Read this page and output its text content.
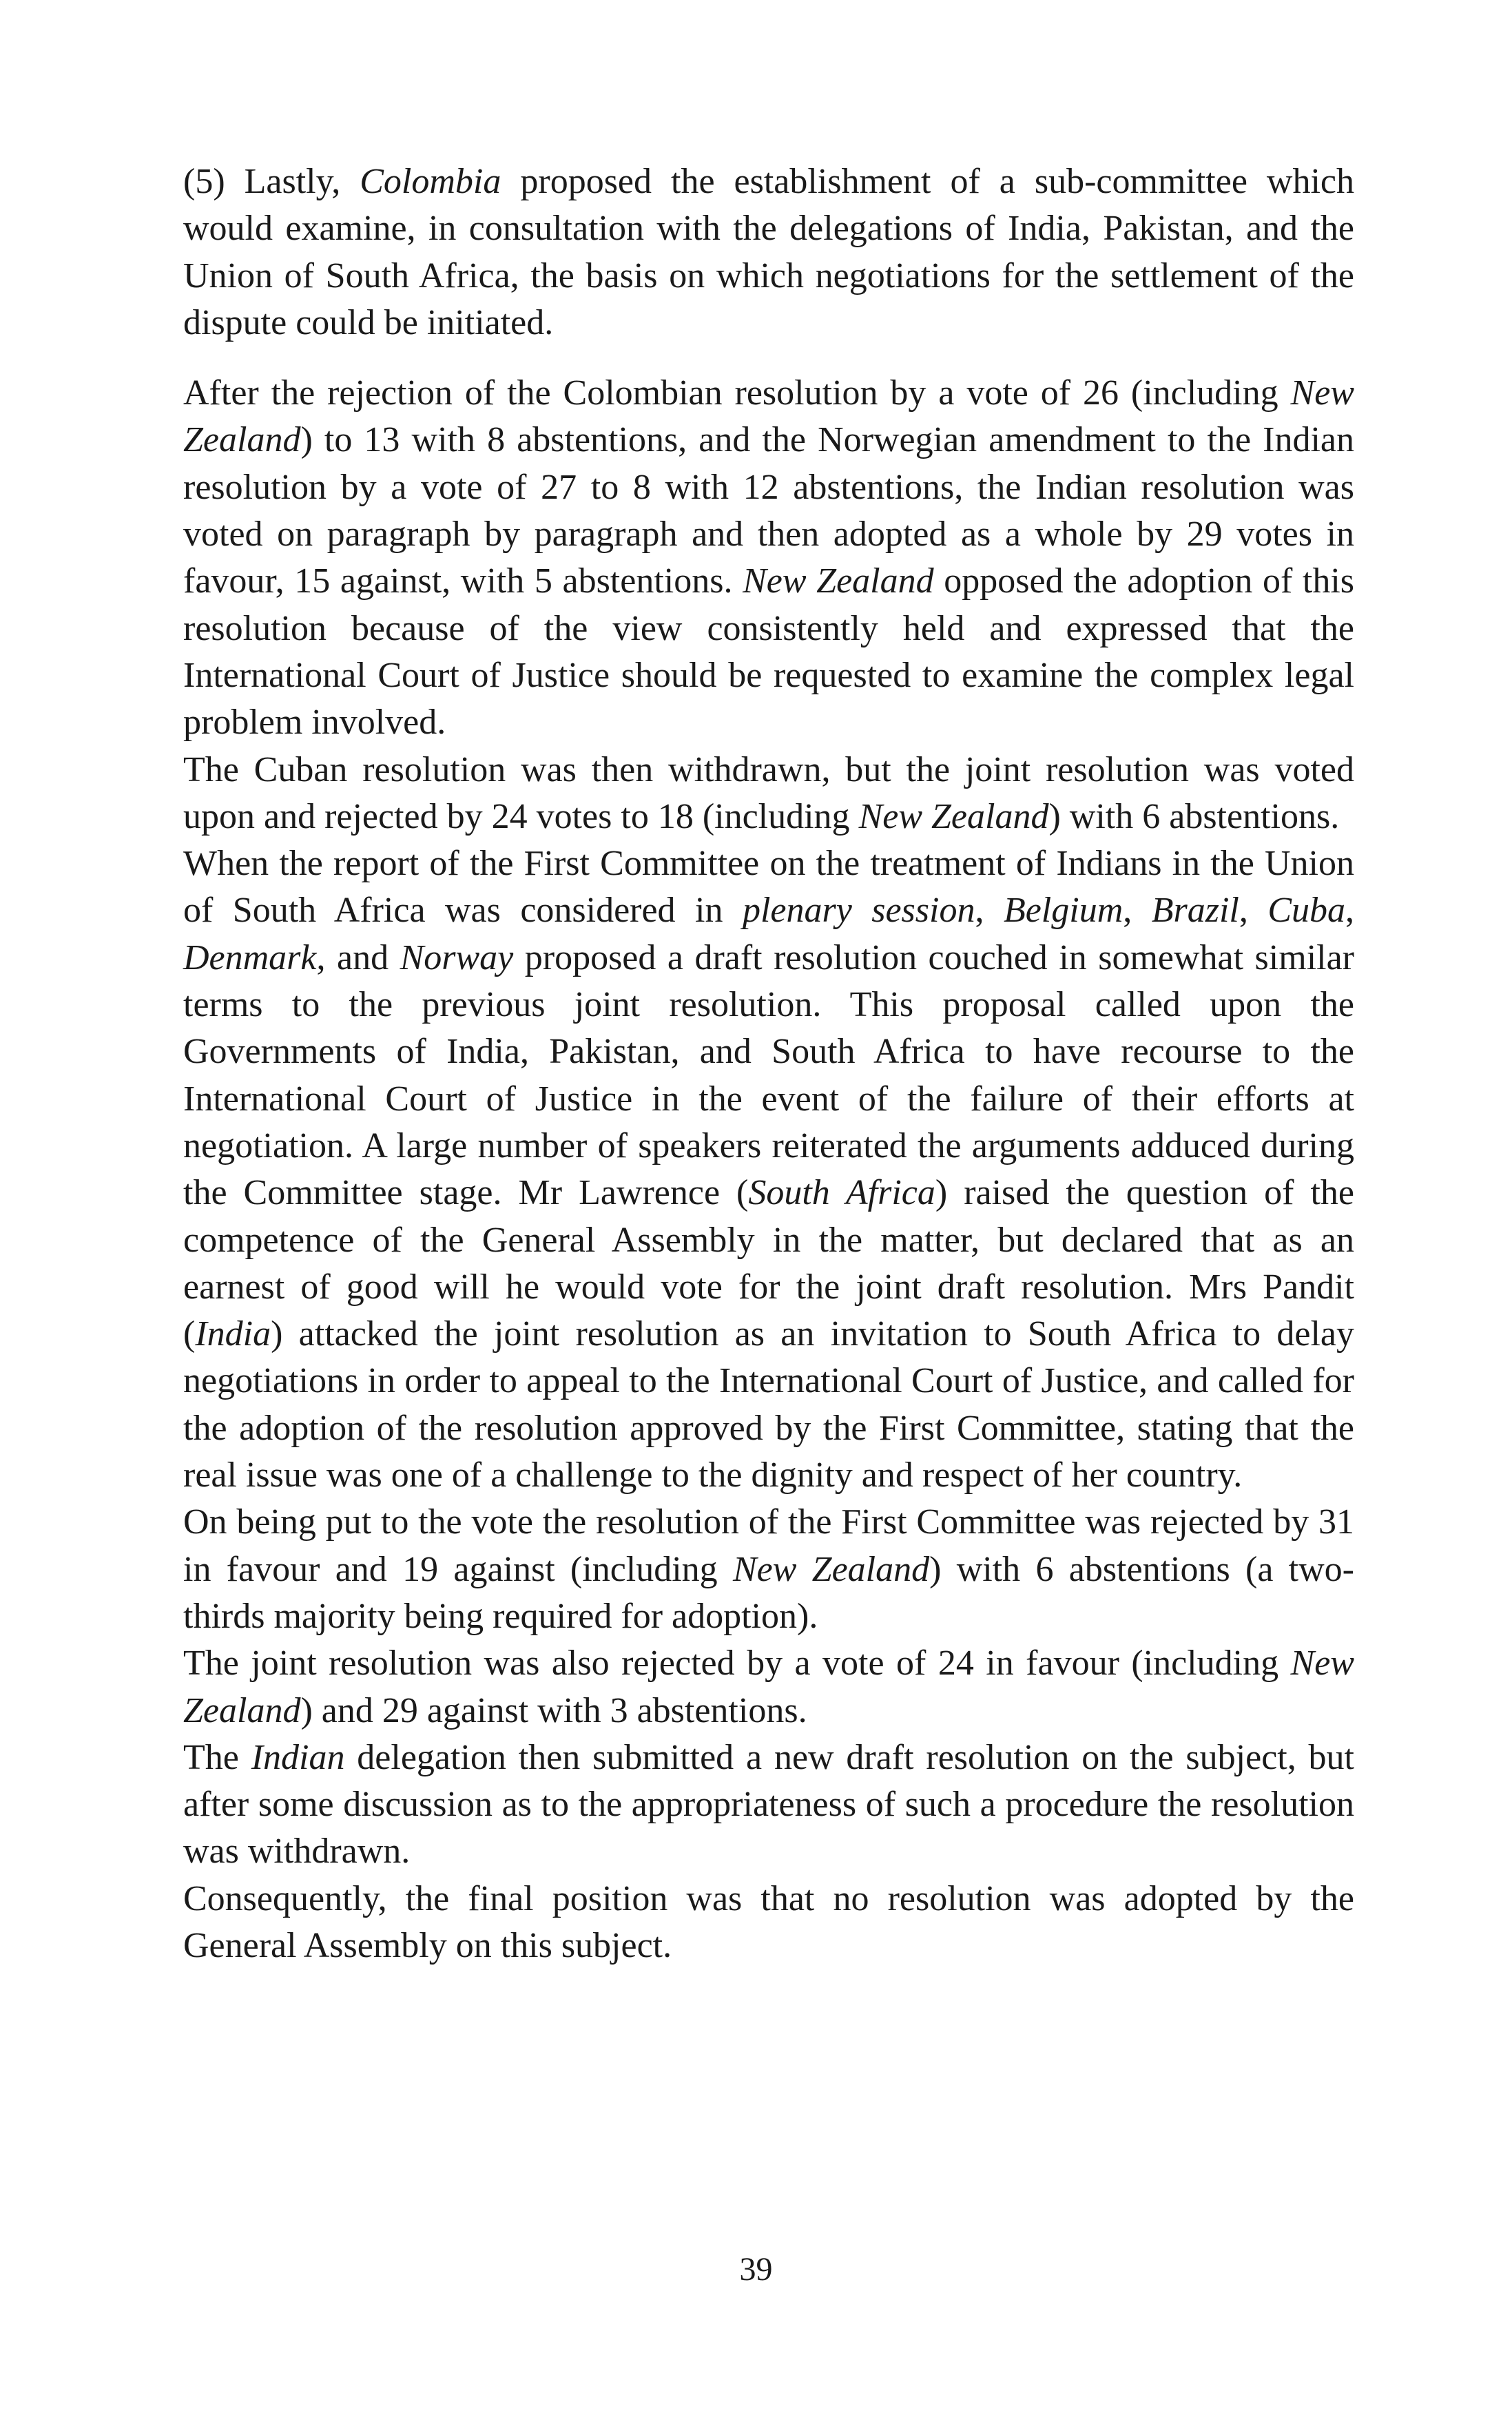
(5) Lastly, Colombia proposed the establishment of a sub-committee which would examine, in consultation with the delegations of India, Pakistan, and the Union of South Africa, the basis on which negotiations for the settlement of the dispute could be initiated.

After the rejection of the Colombian resolution by a vote of 26 (including New Zealand) to 13 with 8 abstentions, and the Norwegian amendment to the Indian resolution by a vote of 27 to 8 with 12 abstentions, the Indian resolution was voted on paragraph by paragraph and then adopted as a whole by 29 votes in favour, 15 against, with 5 abstentions. New Zealand opposed the adoption of this resolution because of the view consistently held and expressed that the International Court of Justice should be requested to examine the complex legal problem involved.

The Cuban resolution was then withdrawn, but the joint resolution was voted upon and rejected by 24 votes to 18 (including New Zealand) with 6 abstentions.

When the report of the First Committee on the treatment of Indians in the Union of South Africa was considered in plenary session, Belgium, Brazil, Cuba, Denmark, and Norway proposed a draft resolution couched in somewhat similar terms to the previous joint resolution. This proposal called upon the Governments of India, Pakistan, and South Africa to have recourse to the International Court of Justice in the event of the failure of their efforts at negotiation. A large number of speakers reiterated the arguments adduced during the Committee stage. Mr Lawrence (South Africa) raised the question of the competence of the General Assembly in the matter, but declared that as an earnest of good will he would vote for the joint draft resolution. Mrs Pandit (India) attacked the joint resolution as an invitation to South Africa to delay negotiations in order to appeal to the International Court of Justice, and called for the adoption of the resolution approved by the First Committee, stating that the real issue was one of a challenge to the dignity and respect of her country.

On being put to the vote the resolution of the First Committee was rejected by 31 in favour and 19 against (including New Zealand) with 6 abstentions (a two-thirds majority being required for adoption).

The joint resolution was also rejected by a vote of 24 in favour (including New Zealand) and 29 against with 3 abstentions.

The Indian delegation then submitted a new draft resolution on the subject, but after some discussion as to the appropriateness of such a procedure the resolution was withdrawn.

Consequently, the final position was that no resolution was adopted by the General Assembly on this subject.

39
